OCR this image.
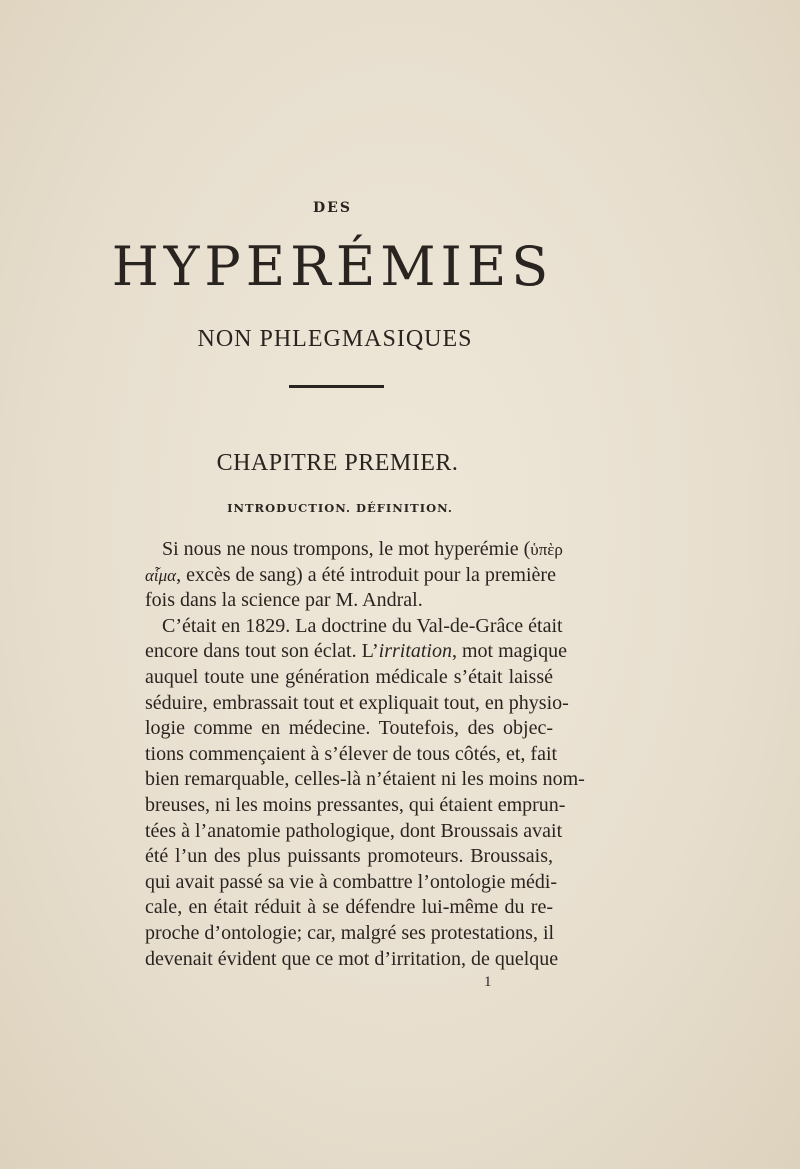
DES
HYPERÉMIES
NON PHLEGMASIQUES
CHAPITRE PREMIER.
INTRODUCTION. DÉFINITION.
Si nous ne nous trompons, le mot hyperémie (ὑπὲρ
αἷμα, excès de sang) a été introduit pour la première
fois dans la science par M. Andral.
C’était en 1829. La doctrine du Val-de-Grâce était
encore dans tout son éclat. L’irritation, mot magique
auquel toute une génération médicale s’était laissé
séduire, embrassait tout et expliquait tout, en physio-
logie comme en médecine. Toutefois, des objec-
tions commençaient à s’élever de tous côtés, et, fait
bien remarquable, celles-là n’étaient ni les moins nom-
breuses, ni les moins pressantes, qui étaient emprun-
tées à l’anatomie pathologique, dont Broussais avait
été l’un des plus puissants promoteurs. Broussais,
qui avait passé sa vie à combattre l’ontologie médi-
cale, en était réduit à se défendre lui-même du re-
proche d’ontologie; car, malgré ses protestations, il
devenait évident que ce mot d’irritation, de quelque
1
